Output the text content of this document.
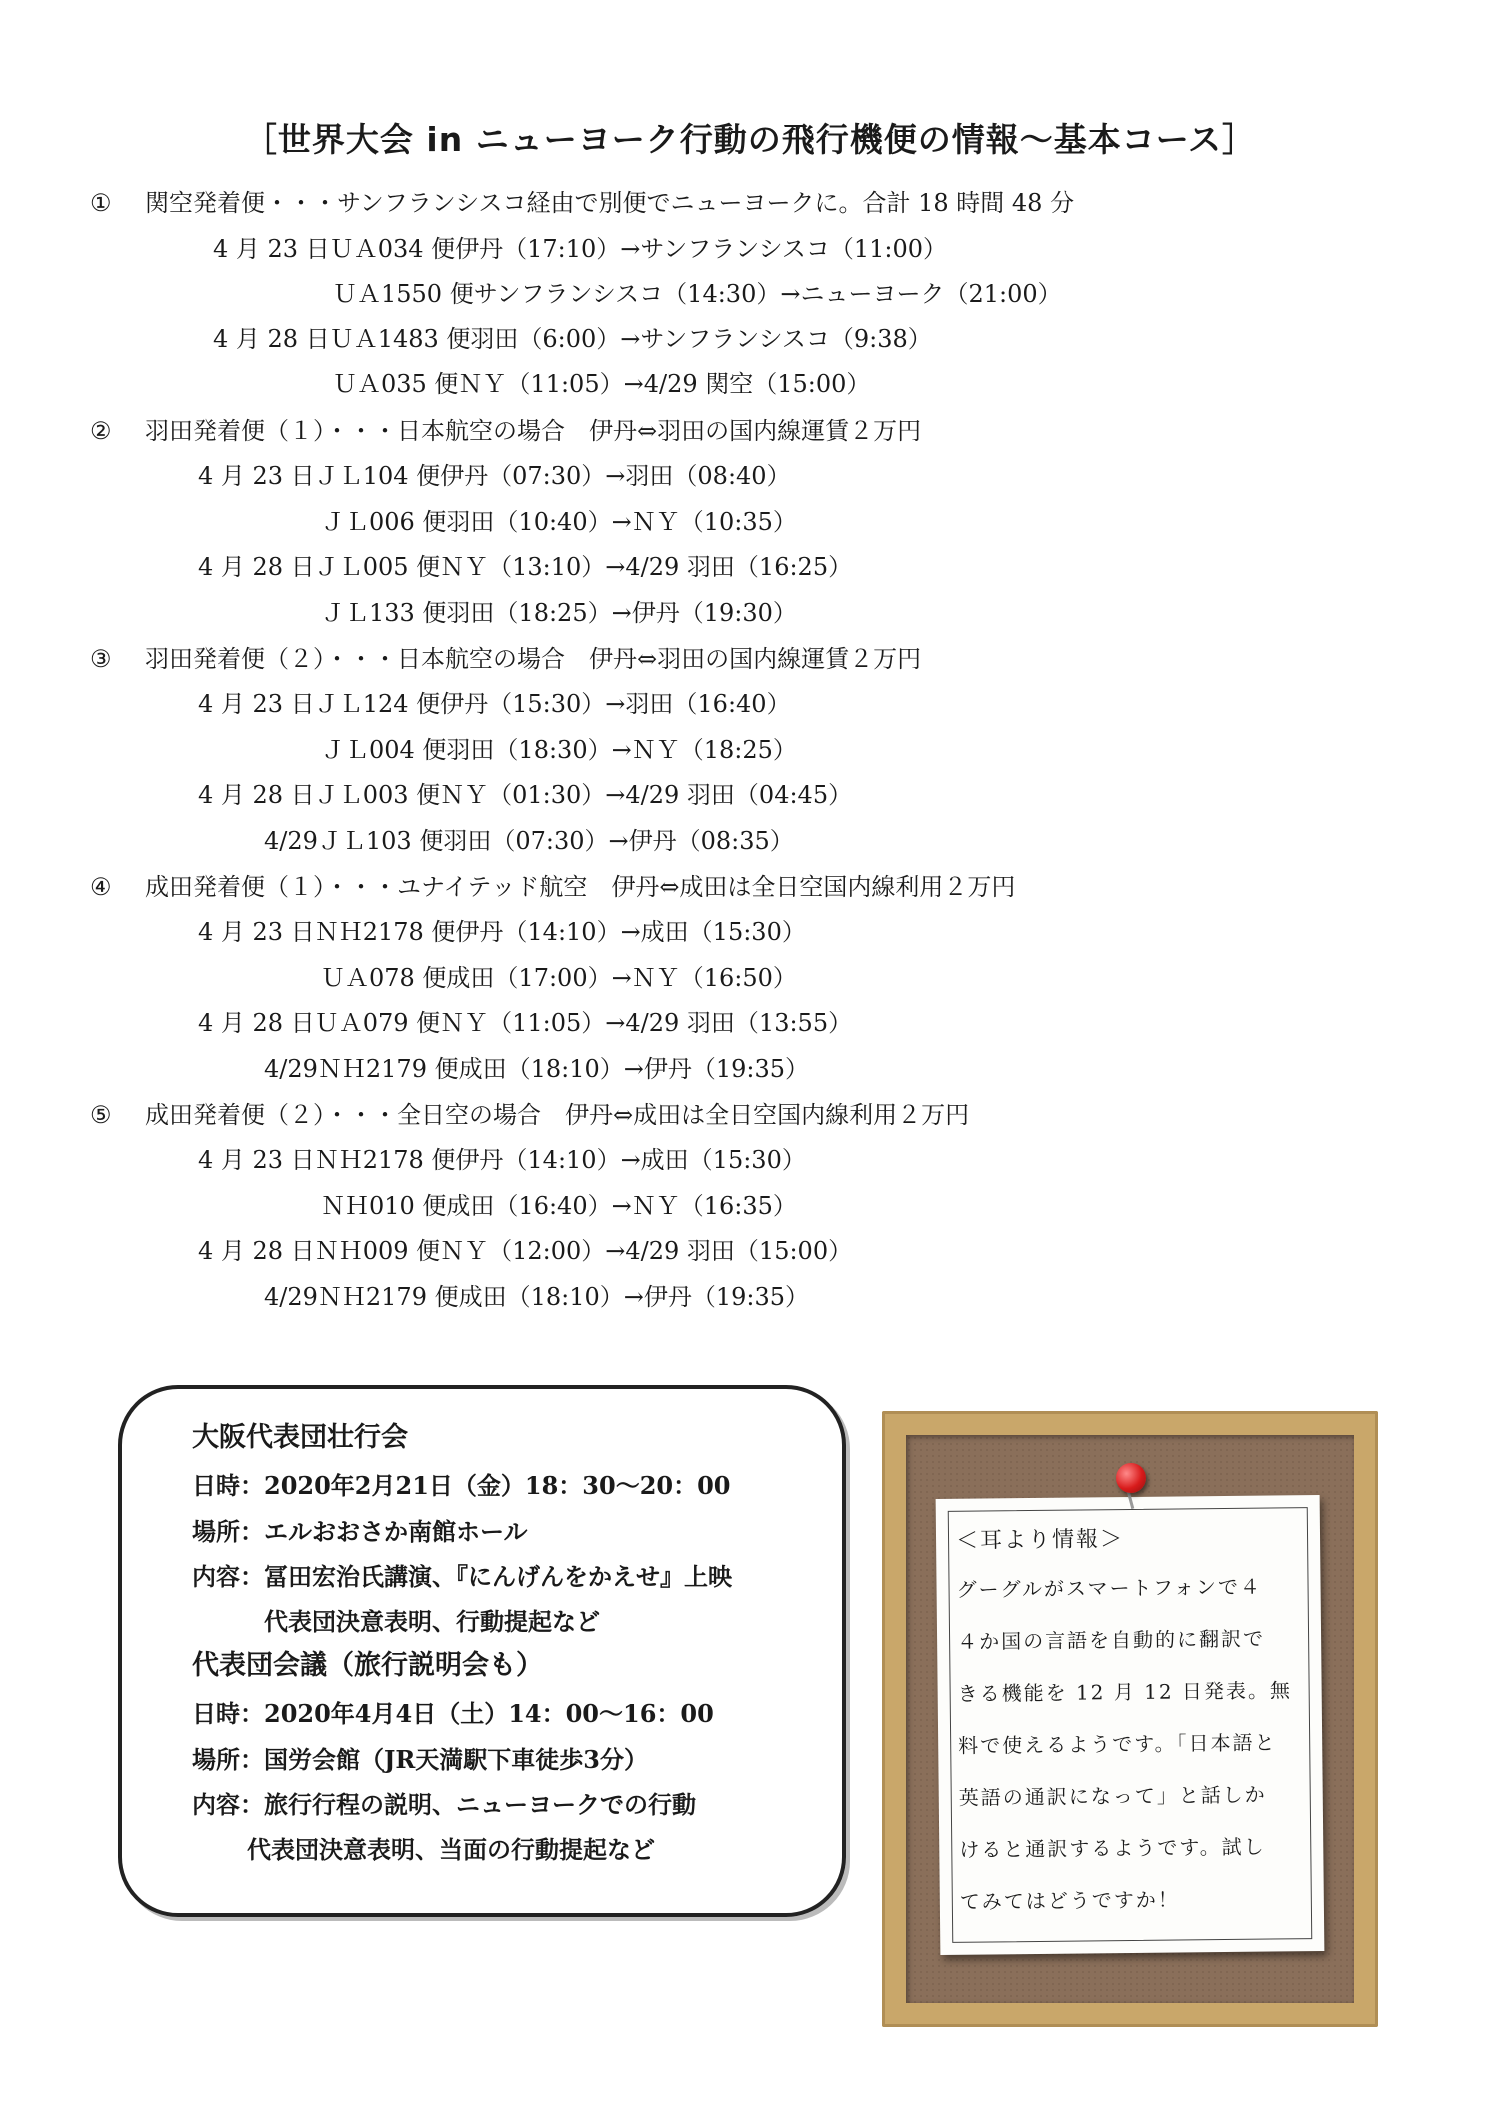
［世界大会 in ニューヨーク行動の飛行機便の情報～基本コース］
① 関空発着便・・・サンフランシスコ経由で別便でニューヨークに。合計 18 時間 48 分
4 月 23 日ＵＡ034 便伊丹（17:10）→サンフランシスコ（11:00）
ＵＡ1550 便サンフランシスコ（14:30）→ニューヨーク（21:00）
4 月 28 日ＵＡ1483 便羽田（6:00）→サンフランシスコ（9:38）
ＵＡ035 便ＮＹ（11:05）→4/29 関空（15:00）
② 羽田発着便（１）・・・日本航空の場合　伊丹⇔羽田の国内線運賃２万円
4 月 23 日ＪＬ104 便伊丹（07:30）→羽田（08:40）
ＪＬ006 便羽田（10:40）→ＮＹ（10:35）
4 月 28 日ＪＬ005 便ＮＹ（13:10）→4/29 羽田（16:25）
ＪＬ133 便羽田（18:25）→伊丹（19:30）
③ 羽田発着便（２）・・・日本航空の場合　伊丹⇔羽田の国内線運賃２万円
4 月 23 日ＪＬ124 便伊丹（15:30）→羽田（16:40）
ＪＬ004 便羽田（18:30）→ＮＹ（18:25）
4 月 28 日ＪＬ003 便ＮＹ（01:30）→4/29 羽田（04:45）
4/29ＪＬ103 便羽田（07:30）→伊丹（08:35）
④ 成田発着便（１）・・・ユナイテッド航空　伊丹⇔成田は全日空国内線利用２万円
4 月 23 日ＮＨ2178 便伊丹（14:10）→成田（15:30）
ＵＡ078 便成田（17:00）→ＮＹ（16:50）
4 月 28 日ＵＡ079 便ＮＹ（11:05）→4/29 羽田（13:55）
4/29ＮＨ2179 便成田（18:10）→伊丹（19:35）
⑤ 成田発着便（２）・・・全日空の場合　伊丹⇔成田は全日空国内線利用２万円
4 月 23 日ＮＨ2178 便伊丹（14:10）→成田（15:30）
ＮＨ010 便成田（16:40）→ＮＹ（16:35）
4 月 28 日ＮＨ009 便ＮＹ（12:00）→4/29 羽田（15:00）
4/29ＮＨ2179 便成田（18:10）→伊丹（19:35）
大阪代表団壮行会
日時：2020年2月21日（金）18：30～20：00
場所：エルおおさか南館ホール
内容：冨田宏治氏講演、『にんげんをかえせ』上映
代表団決意表明、行動提起など
代表団会議（旅行説明会も）
日時：2020年4月4日（土）14：00～16：00
場所：国労会館（JR天満駅下車徒歩3分）
内容：旅行行程の説明、ニューヨークでの行動
代表団決意表明、当面の行動提起など
＜耳より情報＞
グーグルがスマートフォンで４
４か国の言語を自動的に翻訳で
きる機能を 12 月 12 日発表。無
料で使えるようです。「日本語と
英語の通訳になって」と話しか
けると通訳するようです。試し
てみてはどうですか！
